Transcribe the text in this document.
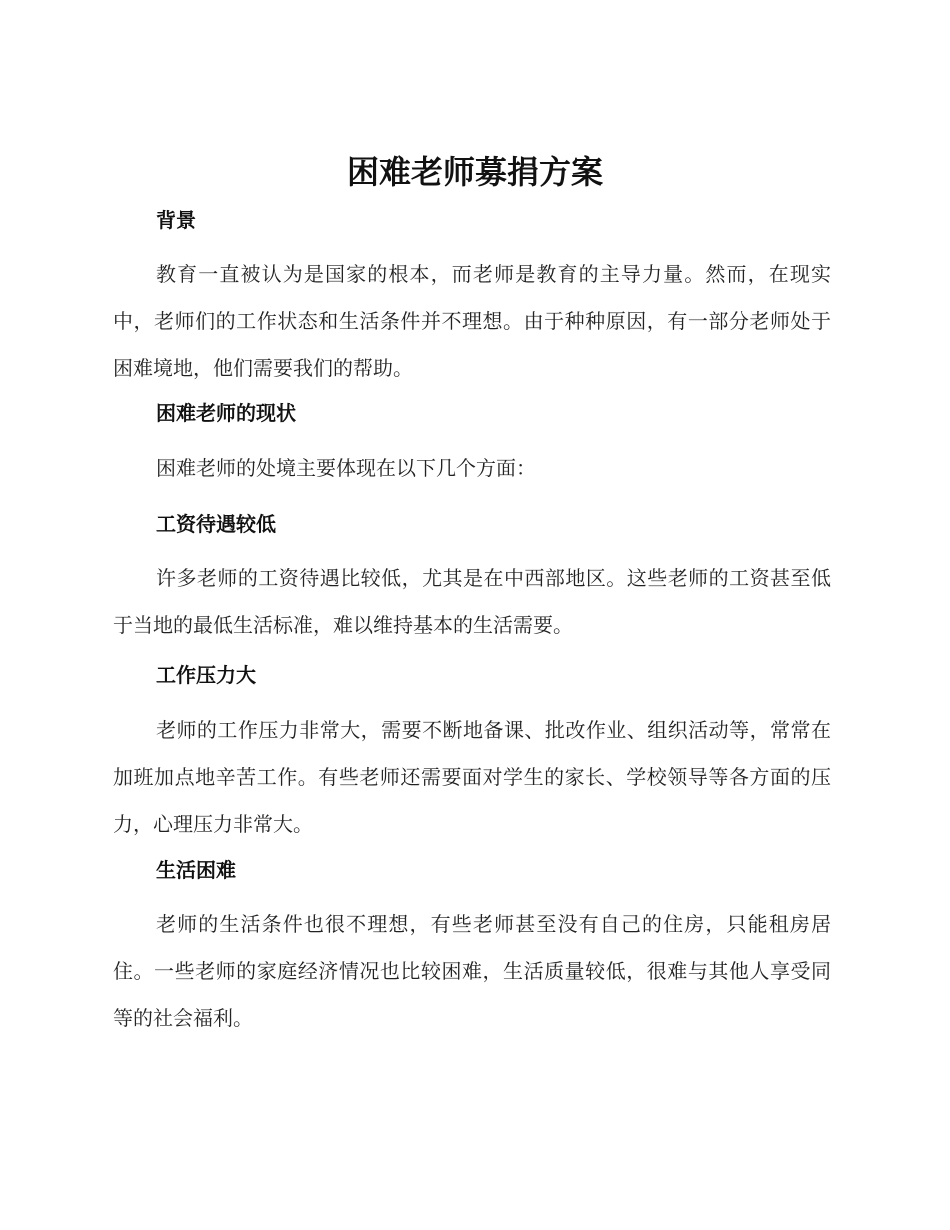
困难老师募捐方案
背景

教育一直被认为是国家的根本，而老师是教育的主导力量。然而，在现实中，老师们的工作状态和生活条件并不理想。由于种种原因，有一部分老师处于困难境地，他们需要我们的帮助。

困难老师的现状

困难老师的处境主要体现在以下几个方面：

工资待遇较低

许多老师的工资待遇比较低，尤其是在中西部地区。这些老师的工资甚至低于当地的最低生活标准，难以维持基本的生活需要。

工作压力大

老师的工作压力非常大，需要不断地备课、批改作业、组织活动等，常常在加班加点地辛苦工作。有些老师还需要面对学生的家长、学校领导等各方面的压力，心理压力非常大。

生活困难

老师的生活条件也很不理想，有些老师甚至没有自己的住房，只能租房居住。一些老师的家庭经济情况也比较困难，生活质量较低，很难与其他人享受同等的社会福利。
